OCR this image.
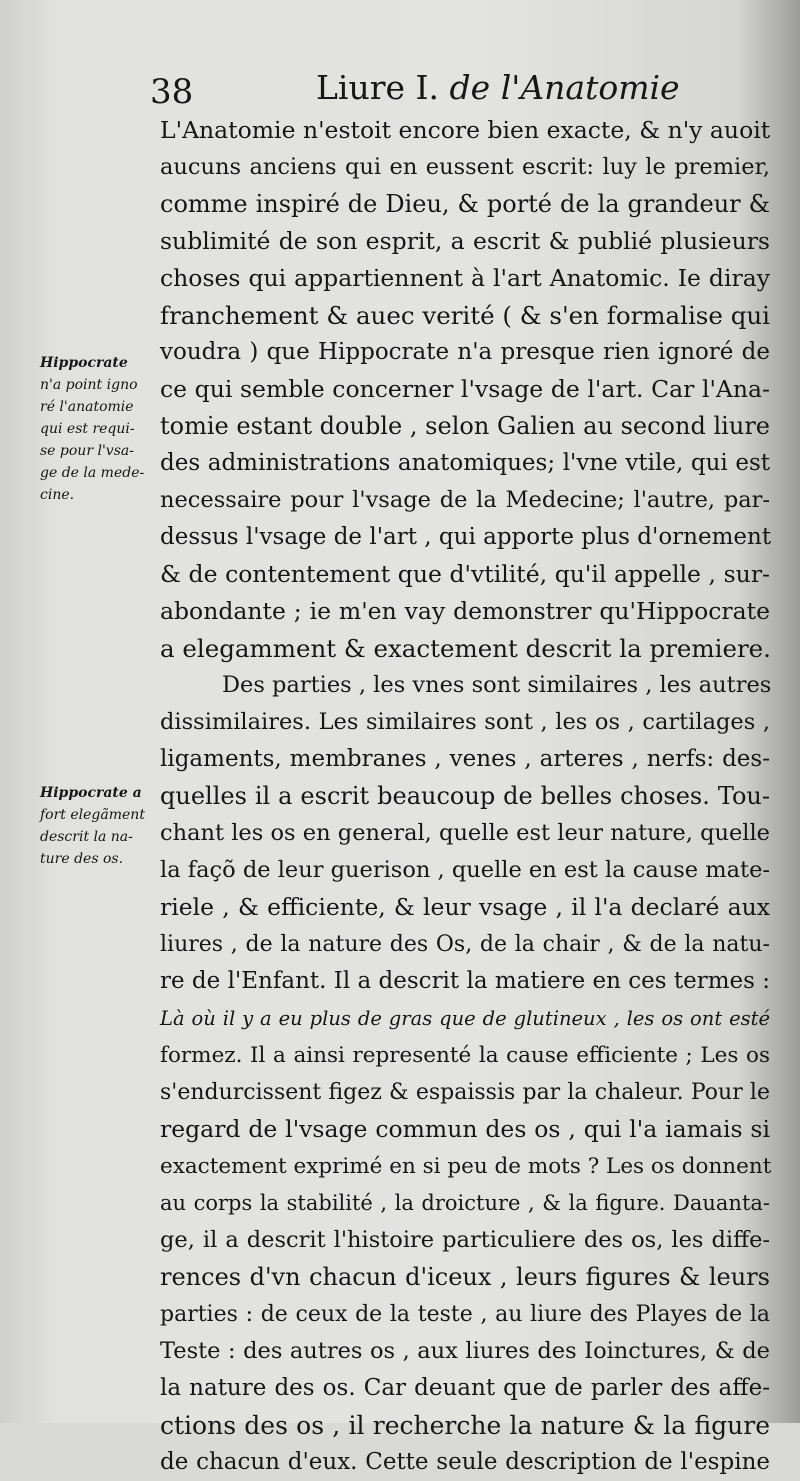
38	Liure I. de l'Anatomie
Hippocrate
n'a point igno
ré l'anatomie
qui est requi-
se pour l'vsa-
ge de la mede-
cine.
Hippocrate a
fort elegãment
descrit la na-
ture des os.
L'Anatomie n'estoit encore bien exacte, & n'y auoit
aucuns anciens qui en eussent escrit: luy le premier,
comme inspiré de Dieu, & porté de la grandeur &
sublimité de son esprit, a escrit & publié plusieurs
choses qui appartiennent à l'art Anatomic. Ie diray
franchement & auec verité ( & s'en formalise qui
voudra ) que Hippocrate n'a presque rien ignoré de
ce qui semble concerner l'vsage de l'art. Car l'Ana-
tomie estant double , selon Galien au second liure
des administrations anatomiques; l'vne vtile, qui est
necessaire pour l'vsage de la Medecine; l'autre, par-
dessus l'vsage de l'art , qui apporte plus d'ornement
& de contentement que d'vtilité, qu'il appelle , sur-
abondante ; ie m'en vay demonstrer qu'Hippocrate
a elegamment & exactement descrit la premiere.
Des parties , les vnes sont similaires , les autres
dissimilaires. Les similaires sont , les os , cartilages ,
ligaments, membranes , venes , arteres , nerfs: des-
quelles il a escrit beaucoup de belles choses. Tou-
chant les os en general, quelle est leur nature, quelle
la façõ de leur guerison , quelle en est la cause mate-
riele , & efficiente, & leur vsage , il l'a declaré aux
liures , de la nature des Os, de la chair , & de la natu-
re de l'Enfant. Il a descrit la matiere en ces termes :
Là où il y a eu plus de gras que de glutineux , les os ont esté
formez. Il a ainsi representé la cause efficiente ; Les os
s'endurcissent figez & espaissis par la chaleur. Pour le
regard de l'vsage commun des os , qui l'a iamais si
exactement exprimé en si peu de mots ? Les os donnent
au corps la stabilité , la droicture , & la figure. Dauanta-
ge, il a descrit l'histoire particuliere des os, les diffe-
rences d'vn chacun d'iceux , leurs figures & leurs
parties : de ceux de la teste , au liure des Playes de la
Teste : des autres os , aux liures des Ioinctures, & de
la nature des os. Car deuant que de parler des affe-
ctions des os , il recherche la nature & la figure
de chacun d'eux. Cette seule description de l'espine
